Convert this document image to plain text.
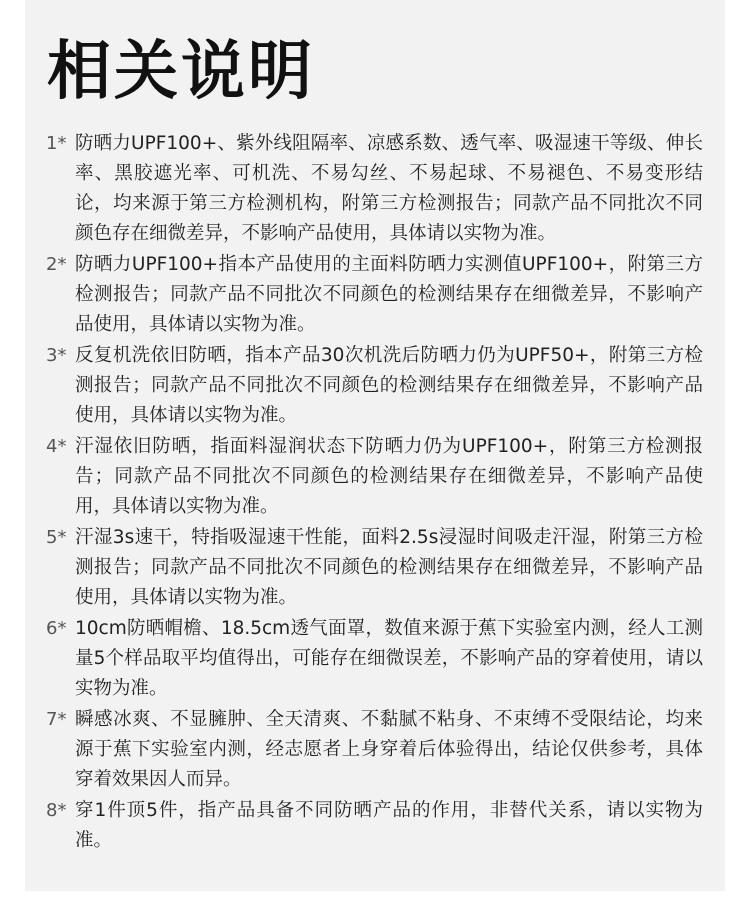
相关说明
1* 防晒力UPF100+、紫外线阻隔率、凉感系数、透气率、吸湿速干等级、伸长率、黑胶遮光率、可机洗、不易勾丝、不易起球、不易褪色、不易变形结论，均来源于第三方检测机构，附第三方检测报告；同款产品不同批次不同颜色存在细微差异，不影响产品使用，具体请以实物为准。
2* 防晒力UPF100+指本产品使用的主面料防晒力实测值UPF100+，附第三方检测报告；同款产品不同批次不同颜色的检测结果存在细微差异，不影响产品使用，具体请以实物为准。
3* 反复机洗依旧防晒，指本产品30次机洗后防晒力仍为UPF50+，附第三方检测报告；同款产品不同批次不同颜色的检测结果存在细微差异，不影响产品使用，具体请以实物为准。
4* 汗湿依旧防晒，指面料湿润状态下防晒力仍为UPF100+，附第三方检测报告；同款产品不同批次不同颜色的检测结果存在细微差异，不影响产品使用，具体请以实物为准。
5* 汗湿3s速干，特指吸湿速干性能，面料2.5s浸湿时间吸走汗湿，附第三方检测报告；同款产品不同批次不同颜色的检测结果存在细微差异，不影响产品使用，具体请以实物为准。
6* 10cm防晒帽檐、18.5cm透气面罩，数值来源于蕉下实验室内测，经人工测量5个样品取平均值得出，可能存在细微误差，不影响产品的穿着使用，请以实物为准。
7* 瞬感冰爽、不显臃肿、全天清爽、不黏腻不粘身、不束缚不受限结论，均来源于蕉下实验室内测，经志愿者上身穿着后体验得出，结论仅供参考，具体穿着效果因人而异。
8* 穿1件顶5件，指产品具备不同防晒产品的作用，非替代关系，请以实物为准。
